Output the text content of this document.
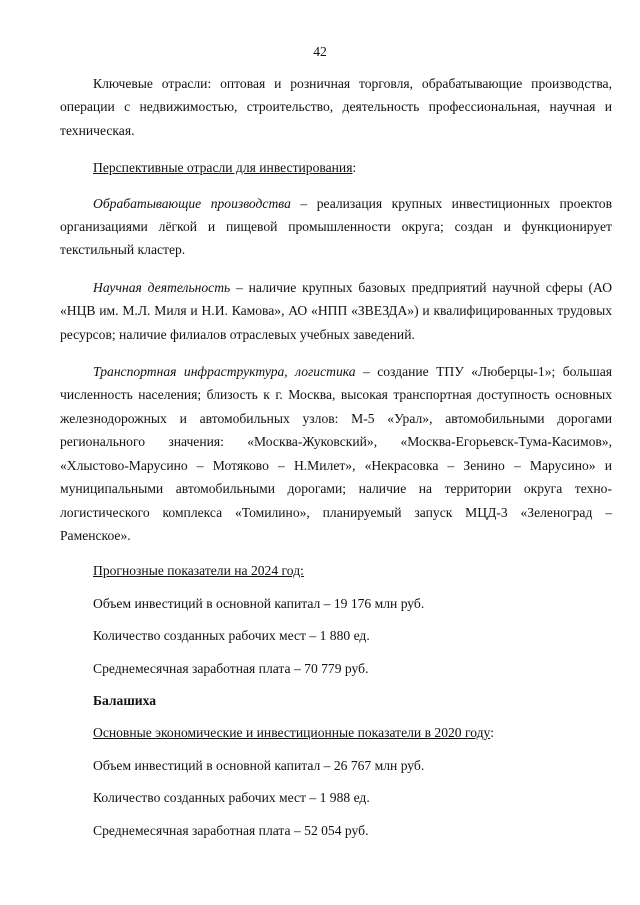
42

Ключевые отрасли: оптовая и розничная торговля, обрабатывающие производства, операции с недвижимостью, строительство, деятельность профессиональная, научная и техническая.

Перспективные отрасли для инвестирования:

Обрабатывающие производства – реализация крупных инвестиционных проектов организациями лёгкой и пищевой промышленности округа; создан и функционирует текстильный кластер.

Научная деятельность – наличие крупных базовых предприятий научной сферы (АО «НЦВ им. М.Л. Миля и Н.И. Камова», АО «НПП «ЗВЕЗДА») и квалифицированных трудовых ресурсов; наличие филиалов отраслевых учебных заведений.

Транспортная инфраструктура, логистика – создание ТПУ «Люберцы-1»; большая численность населения; близость к г. Москва, высокая транспортная доступность основных железнодорожных и автомобильных узлов: М-5 «Урал», автомобильными дорогами регионального значения: «Москва-Жуковский», «Москва-Егорьевск-Тума-Касимов», «Хлыстово-Марусино – Мотяково – Н.Милет», «Некрасовка – Зенино – Марусино» и муниципальными автомобильными дорогами; наличие на территории округа техно-логистического комплекса «Томилино», планируемый запуск МЦД-3 «Зеленоград – Раменское».

Прогнозные показатели на 2024 год:

Объем инвестиций в основной капитал – 19 176 млн руб.

Количество созданных рабочих мест – 1 880 ед.

Среднемесячная заработная плата – 70 779 руб.

Балашиха

Основные экономические и инвестиционные показатели в 2020 году:

Объем инвестиций в основной капитал – 26 767 млн руб.

Количество созданных рабочих мест – 1 988 ед.

Среднемесячная заработная плата – 52 054 руб.
